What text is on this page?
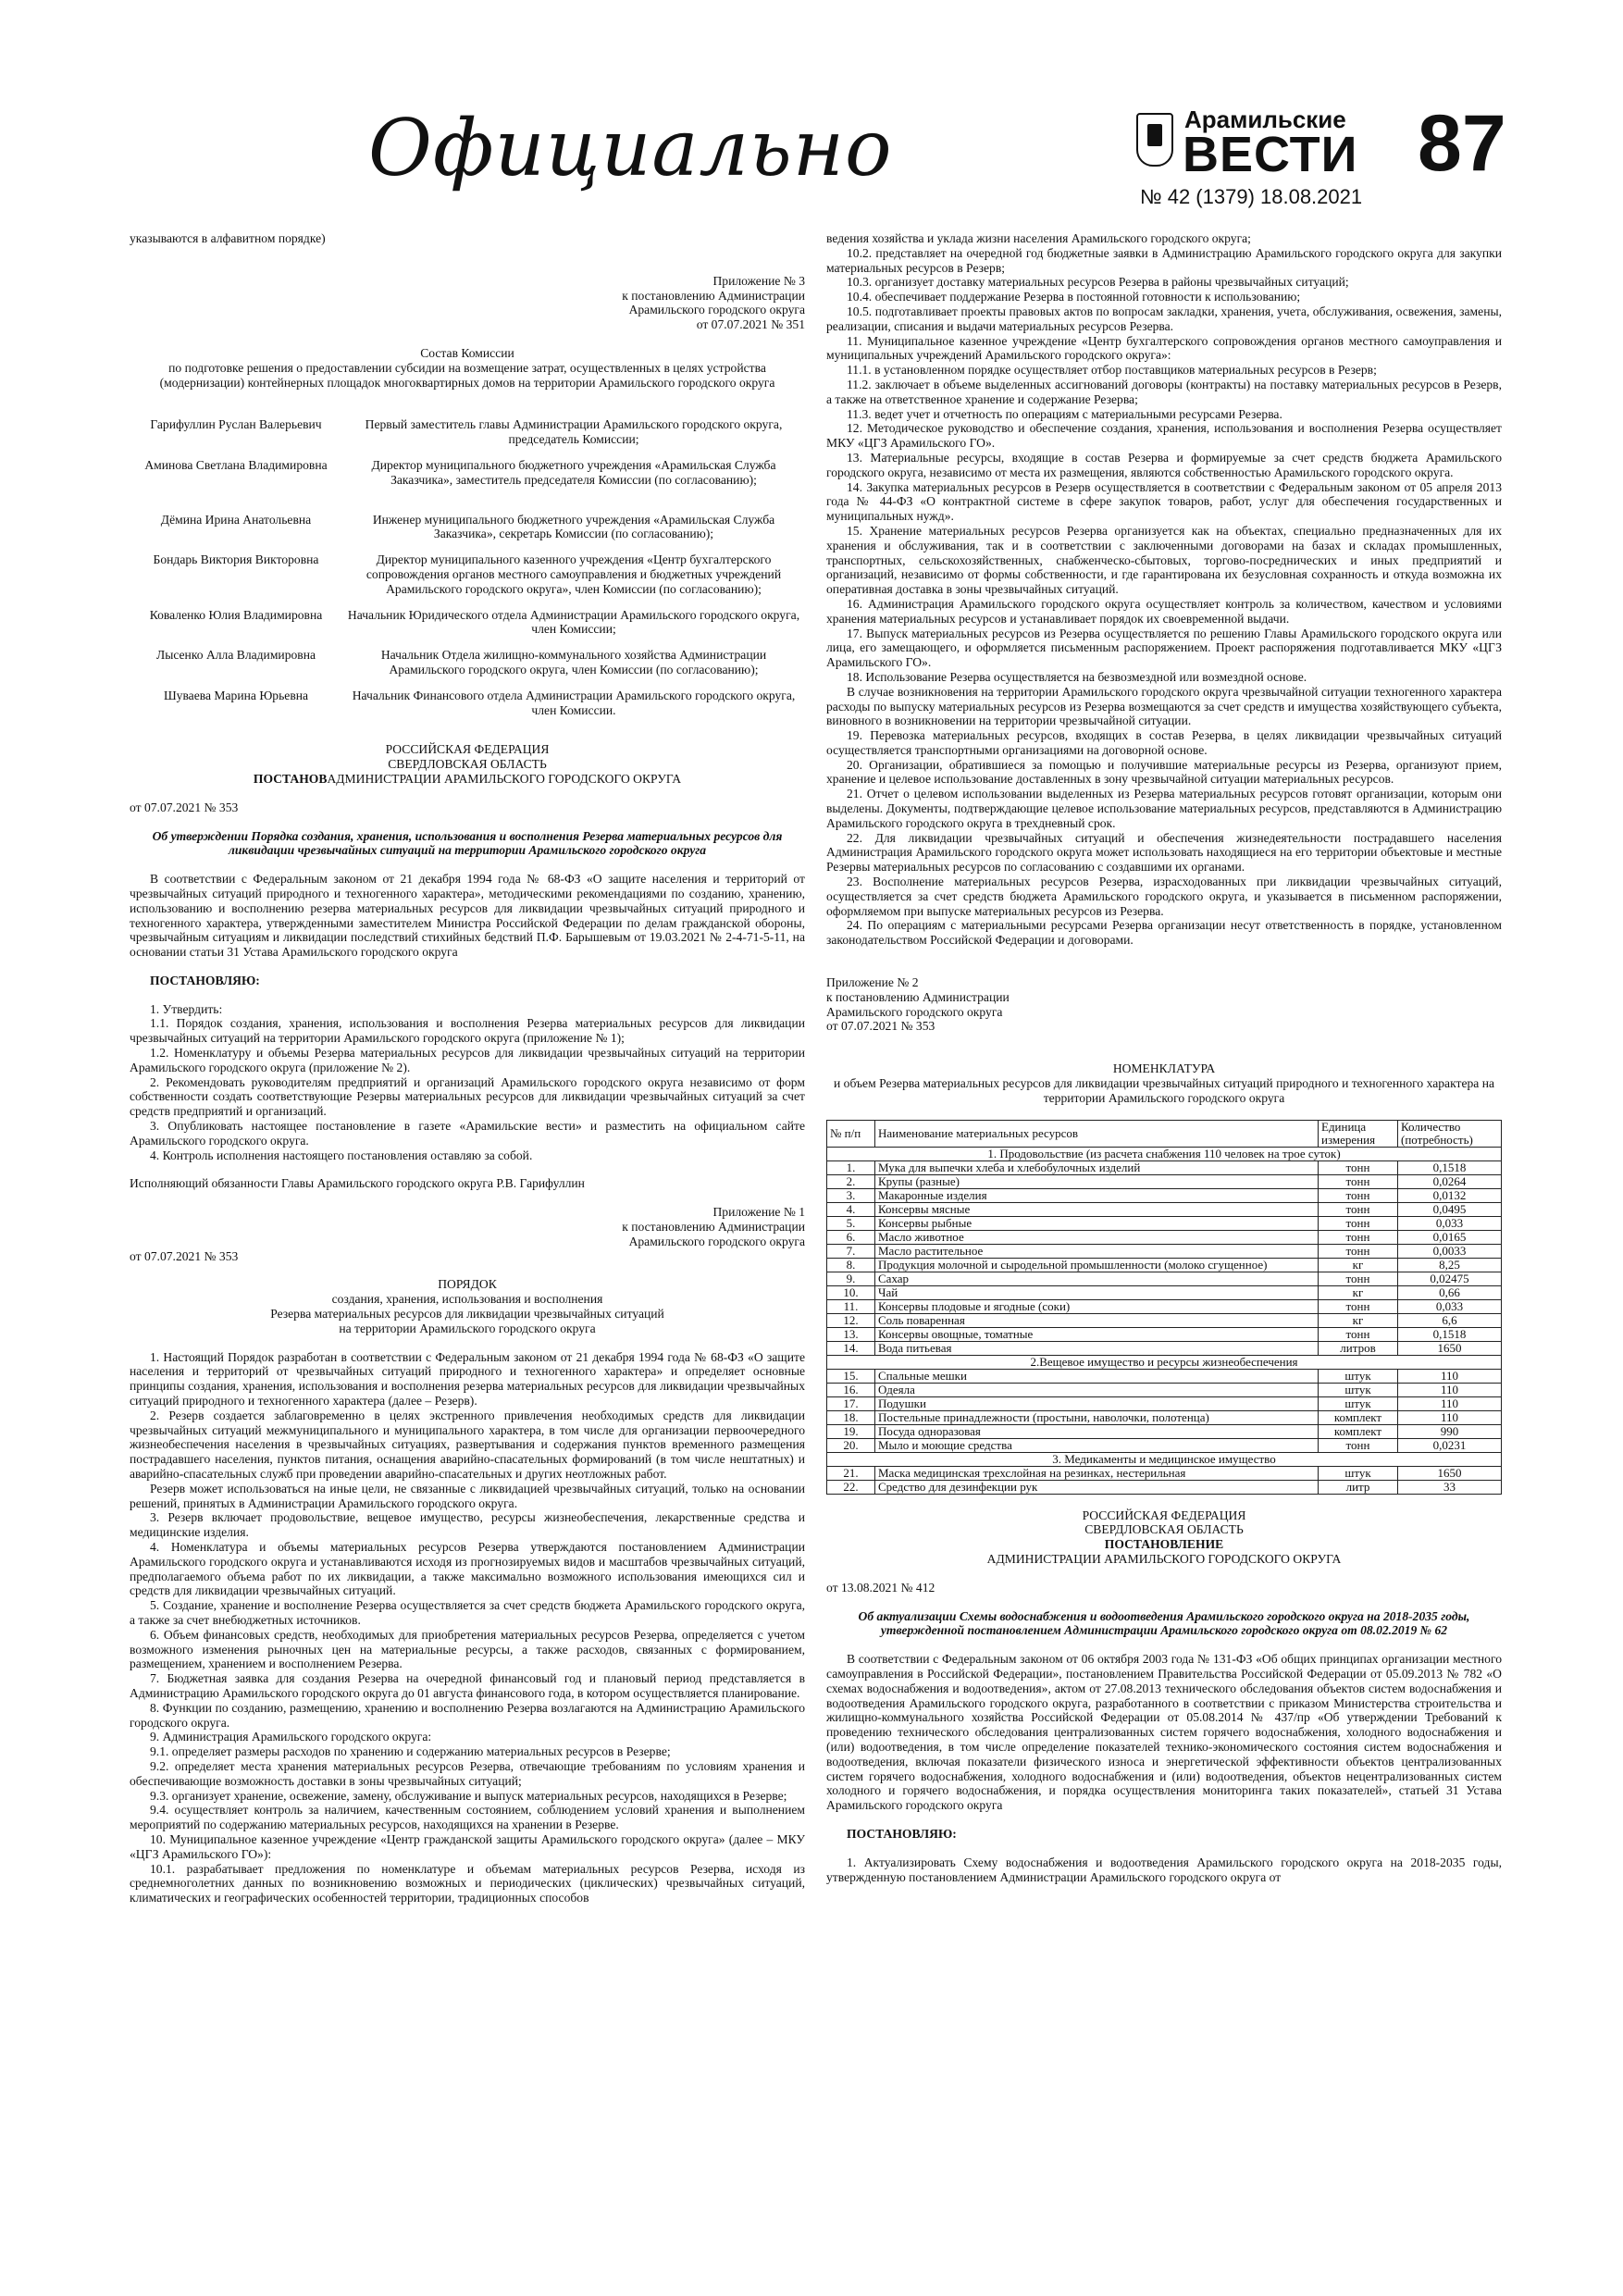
Официально	Арамильские
ВЕСТИ 87
№ 42 (1379) 18.08.2021

указываются в алфавитном порядке)

Приложение № 3

к постановлению Администрации

Арамильского городского округа

от 07.07.2021 № 351

Состав Комиссии

по подготовке решения о предоставлении субсидии на возмещение затрат, осуществленных в целях устройства (модернизации) контейнерных площадок многоквартирных домов на территории Арамильского городского округа

Гарифуллин Руслан Валерьевич	Первый заместитель главы Администрации Арамильского городского округа, председатель Комиссии;
Аминова Светлана Владимировна	Директор муниципального бюджетного учреждения «Арамильская Служба Заказчика», заместитель председателя Комиссии (по согласованию);
Дёмина Ирина Анатольевна	Инженер муниципального бюджетного учреждения «Арамильская Служба Заказчика», секретарь Комиссии (по согласованию);
Бондарь Виктория Викторовна	Директор муниципального казенного учреждения «Центр бухгалтерского сопровождения органов местного самоуправления и бюджетных учреждений Арамильского городского округа», член Комиссии (по согласованию);
Коваленко Юлия Владимировна	Начальник Юридического отдела Администрации Арамильского городского округа, член Комиссии;
Лысенко Алла Владимировна	Начальник Отдела жилищно-коммунального хозяйства Администрации Арамильского городского округа, член Комиссии (по согласованию);
Шуваева Марина Юрьевна	Начальник Финансового отдела Администрации Арамильского городского округа, член Комиссии.

РОССИЙСКАЯ ФЕДЕРАЦИЯ

СВЕРДЛОВСКАЯ ОБЛАСТЬ

ПОСТАНОВАДМИНИСТРАЦИИ АРАМИЛЬСКОГО ГОРОДСКОГО ОКРУГА

от 07.07.2021 № 353

Об утверждении Порядка создания, хранения, использования и восполнения Резерва материальных ресурсов для ликвидации чрезвычайных ситуаций на территории Арамильского городского округа

В соответствии с Федеральным законом от 21 декабря 1994 года № 68-ФЗ «О защите населения и территорий от чрезвычайных ситуаций природного и техногенного характера», методическими рекомендациями по созданию, хранению, использованию и восполнению резерва материальных ресурсов для ликвидации чрезвычайных ситуаций природного и техногенного характера, утвержденными заместителем Министра Российской Федерации по делам гражданской обороны, чрезвычайным ситуациям и ликвидации последствий стихийных бедствий П.Ф. Барышевым от 19.03.2021 № 2-4-71-5-11, на основании статьи 31 Устава Арамильского городского округа

ПОСТАНОВЛЯЮ:

1. Утвердить:

1.1. Порядок создания, хранения, использования и восполнения Резерва материальных ресурсов для ликвидации чрезвычайных ситуаций на территории Арамильского городского округа (приложение № 1);

1.2. Номенклатуру и объемы Резерва материальных ресурсов для ликвидации чрезвычайных ситуаций на территории Арамильского городского округа (приложение № 2).

2. Рекомендовать руководителям предприятий и организаций Арамильского городского округа независимо от форм собственности создать соответствующие Резервы материальных ресурсов для ликвидации чрезвычайных ситуаций за счет средств предприятий и организаций.

3. Опубликовать настоящее постановление в газете «Арамильские вести» и разместить на официальном сайте Арамильского городского округа.

4. Контроль исполнения настоящего постановления оставляю за собой.

Исполняющий обязанности Главы Арамильского городского округа Р.В. Гарифуллин

Приложение № 1

к постановлению Администрации

Арамильского городского округа

от 07.07.2021 № 353

ПОРЯДОК

создания, хранения, использования и восполнения

Резерва материальных ресурсов для ликвидации чрезвычайных ситуаций

на территории Арамильского городского округа

1. Настоящий Порядок разработан в соответствии с Федеральным законом от 21 декабря 1994 года № 68-ФЗ «О защите населения и территорий от чрезвычайных ситуаций природного и техногенного характера» и определяет основные принципы создания, хранения, использования и восполнения резерва материальных ресурсов для ликвидации чрезвычайных ситуаций природного и техногенного характера (далее – Резерв).

2. Резерв создается заблаговременно в целях экстренного привлечения необходимых средств для ликвидации чрезвычайных ситуаций межмуниципального и муниципального характера, в том числе для организации первоочередного жизнеобеспечения населения в чрезвычайных ситуациях, развертывания и содержания пунктов временного размещения пострадавшего населения, пунктов питания, оснащения аварийно-спасательных формирований (в том числе нештатных) и аварийно-спасательных служб при проведении аварийно-спасательных и других неотложных работ.

Резерв может использоваться на иные цели, не связанные с ликвидацией чрезвычайных ситуаций, только на основании решений, принятых в Администрации Арамильского городского округа.

3. Резерв включает продовольствие, вещевое имущество, ресурсы жизнеобеспечения, лекарственные средства и медицинские изделия.

4. Номенклатура и объемы материальных ресурсов Резерва утверждаются постановлением Администрации Арамильского городского округа и устанавливаются исходя из прогнозируемых видов и масштабов чрезвычайных ситуаций, предполагаемого объема работ по их ликвидации, а также максимально возможного использования имеющихся сил и средств для ликвидации чрезвычайных ситуаций.

5. Создание, хранение и восполнение Резерва осуществляется за счет средств бюджета Арамильского городского округа, а также за счет внебюджетных источников.

6. Объем финансовых средств, необходимых для приобретения материальных ресурсов Резерва, определяется с учетом возможного изменения рыночных цен на материальные ресурсы, а также расходов, связанных с формированием, размещением, хранением и восполнением Резерва.

7. Бюджетная заявка для создания Резерва на очередной финансовый год и плановый период представляется в Администрацию Арамильского городского округа до 01 августа финансового года, в котором осуществляется планирование.

8. Функции по созданию, размещению, хранению и восполнению Резерва возлагаются на Администрацию Арамильского городского округа.

9. Администрация Арамильского городского округа:

9.1. определяет размеры расходов по хранению и содержанию материальных ресурсов в Резерве;

9.2. определяет места хранения материальных ресурсов Резерва, отвечающие требованиям по условиям хранения и обеспечивающие возможность доставки в зоны чрезвычайных ситуаций;

9.3. организует хранение, освежение, замену, обслуживание и выпуск материальных ресурсов, находящихся в Резерве;

9.4. осуществляет контроль за наличием, качественным состоянием, соблюдением условий хранения и выполнением мероприятий по содержанию материальных ресурсов, находящихся на хранении в Резерве.

10. Муниципальное казенное учреждение «Центр гражданской защиты Арамильского городского округа» (далее – МКУ «ЦГЗ Арамильского ГО»):

10.1. разрабатывает предложения по номенклатуре и объемам материальных ресурсов Резерва, исходя из среднемноголетних данных по возникновению возможных и периодических (циклических) чрезвычайных ситуаций, климатических и географических особенностей территории, традиционных способов

ведения хозяйства и уклада жизни населения Арамильского городского округа;

10.2. представляет на очередной год бюджетные заявки в Администрацию Арамильского городского округа для закупки материальных ресурсов в Резерв;

10.3. организует доставку материальных ресурсов Резерва в районы чрезвычайных ситуаций;

10.4. обеспечивает поддержание Резерва в постоянной готовности к использованию;

10.5. подготавливает проекты правовых актов по вопросам закладки, хранения, учета, обслуживания, освежения, замены, реализации, списания и выдачи материальных ресурсов Резерва.

11. Муниципальное казенное учреждение «Центр бухгалтерского сопровождения органов местного самоуправления и муниципальных учреждений Арамильского городского округа»:

11.1. в установленном порядке осуществляет отбор поставщиков материальных ресурсов в Резерв;

11.2. заключает в объеме выделенных ассигнований договоры (контракты) на поставку материальных ресурсов в Резерв, а также на ответственное хранение и содержание Резерва;

11.3. ведет учет и отчетность по операциям с материальными ресурсами Резерва.

12. Методическое руководство и обеспечение создания, хранения, использования и восполнения Резерва осуществляет МКУ «ЦГЗ Арамильского ГО».

13. Материальные ресурсы, входящие в состав Резерва и формируемые за счет средств бюджета Арамильского городского округа, независимо от места их размещения, являются собственностью Арамильского городского округа.

14. Закупка материальных ресурсов в Резерв осуществляется в соответствии с Федеральным законом от 05 апреля 2013 года № 44-ФЗ «О контрактной системе в сфере закупок товаров, работ, услуг для обеспечения государственных и муниципальных нужд».

15. Хранение материальных ресурсов Резерва организуется как на объектах, специально предназначенных для их хранения и обслуживания, так и в соответствии с заключенными договорами на базах и складах промышленных, транспортных, сельскохозяйственных, снабженческо-сбытовых, торгово-посреднических и иных предприятий и организаций, независимо от формы собственности, и где гарантирована их безусловная сохранность и откуда возможна их оперативная доставка в зоны чрезвычайных ситуаций.

16. Администрация Арамильского городского округа осуществляет контроль за количеством, качеством и условиями хранения материальных ресурсов и устанавливает порядок их своевременной выдачи.

17. Выпуск материальных ресурсов из Резерва осуществляется по решению Главы Арамильского городского округа или лица, его замещающего, и оформляется письменным распоряжением. Проект распоряжения подготавливается МКУ «ЦГЗ Арамильского ГО».

18. Использование Резерва осуществляется на безвозмездной или возмездной основе.

В случае возникновения на территории Арамильского городского округа чрезвычайной ситуации техногенного характера расходы по выпуску материальных ресурсов из Резерва возмещаются за счет средств и имущества хозяйствующего субъекта, виновного в возникновении на территории чрезвычайной ситуации.

19. Перевозка материальных ресурсов, входящих в состав Резерва, в целях ликвидации чрезвычайных ситуаций осуществляется транспортными организациями на договорной основе.

20. Организации, обратившиеся за помощью и получившие материальные ресурсы из Резерва, организуют прием, хранение и целевое использование доставленных в зону чрезвычайной ситуации материальных ресурсов.

21. Отчет о целевом использовании выделенных из Резерва материальных ресурсов готовят организации, которым они выделены. Документы, подтверждающие целевое использование материальных ресурсов, представляются в Администрацию Арамильского городского округа в трехдневный срок.

22. Для ликвидации чрезвычайных ситуаций и обеспечения жизнедеятельности пострадавшего населения Администрация Арамильского городского округа может использовать находящиеся на его территории объектовые и местные Резервы материальных ресурсов по согласованию с создавшими их органами.

23. Восполнение материальных ресурсов Резерва, израсходованных при ликвидации чрезвычайных ситуаций, осуществляется за счет средств бюджета Арамильского городского округа, и указывается в письменном распоряжении, оформляемом при выпуске материальных ресурсов из Резерва.

24. По операциям с материальными ресурсами Резерва организации несут ответственность в порядке, установленном законодательством Российской Федерации и договорами.

Приложение № 2

к постановлению Администрации

Арамильского городского округа

от 07.07.2021 № 353

НОМЕНКЛАТУРА

и объем Резерва материальных ресурсов для ликвидации чрезвычайных ситуаций природного и техногенного характера на территории Арамильского городского округа

№ п/п	Наименование материальных ресурсов	Единица измерения	Количество (потребность)
1. Продовольствие (из расчета снабжения 110 человек на трое суток)			
1.	Мука для выпечки хлеба и хлебобулочных изделий	тонн	0,1518
2.	Крупы (разные)	тонн	0,0264
3.	Макаронные изделия	тонн	0,0132
4.	Консервы мясные	тонн	0,0495
5.	Консервы рыбные	тонн	0,033
6.	Масло животное	тонн	0,0165
7.	Масло растительное	тонн	0,0033
8.	Продукция молочной и сыродельной промышленности (молоко сгущенное)	кг	8,25
9.	Сахар	тонн	0,02475
10.	Чай	кг	0,66
11.	Консервы плодовые и ягодные (соки)	тонн	0,033
12.	Соль поваренная	кг	6,6
13.	Консервы овощные, томатные	тонн	0,1518
14.	Вода питьевая	литров	1650
2.Вещевое имущество и ресурсы жизнеобеспечения			
15.	Спальные мешки	штук	110
16.	Одеяла	штук	110
17.	Подушки	штук	110
18.	Постельные принадлежности (простыни, наволочки, полотенца)	комплект	110
19.	Посуда одноразовая	комплект	990
20.	Мыло и моющие средства	тонн	0,0231
3. Медикаменты и медицинское имущество			
21.	Маска медицинская трехслойная на резинках, нестерильная	штук	1650
22.	Средство для дезинфекции рук	литр	33

РОССИЙСКАЯ ФЕДЕРАЦИЯ

СВЕРДЛОВСКАЯ ОБЛАСТЬ

ПОСТАНОВЛЕНИЕ

АДМИНИСТРАЦИИ АРАМИЛЬСКОГО ГОРОДСКОГО ОКРУГА

от 13.08.2021 № 412

Об актуализации Схемы водоснабжения и водоотведения Арамильского городского округа на 2018-2035 годы, утвержденной постановлением Администрации Арамильского городского округа от 08.02.2019 № 62

В соответствии с Федеральным законом от 06 октября 2003 года № 131-ФЗ «Об общих принципах организации местного самоуправления в Российской Федерации», постановлением Правительства Российской Федерации от 05.09.2013 № 782 «О схемах водоснабжения и водоотведения», актом от 27.08.2013 технического обследования объектов систем водоснабжения и водоотведения Арамильского городского округа, разработанного в соответствии с приказом Министерства строительства и жилищно-коммунального хозяйства Российской Федерации от 05.08.2014 № 437/пр «Об утверждении Требований к проведению технического обследования централизованных систем горячего водоснабжения, холодного водоснабжения и (или) водоотведения, в том числе определение показателей технико-экономического состояния систем водоснабжения и водоотведения, включая показатели физического износа и энергетической эффективности объектов централизованных систем горячего водоснабжения, холодного водоснабжения и (или) водоотведения, объектов нецентрализованных систем холодного и горячего водоснабжения, и порядка осуществления мониторинга таких показателей», статьей 31 Устава Арамильского городского округа

ПОСТАНОВЛЯЮ:

1. Актуализировать Схему водоснабжения и водоотведения Арамильского городского округа на 2018-2035 годы, утвержденную постановлением Администрации Арамильского городского округа от
